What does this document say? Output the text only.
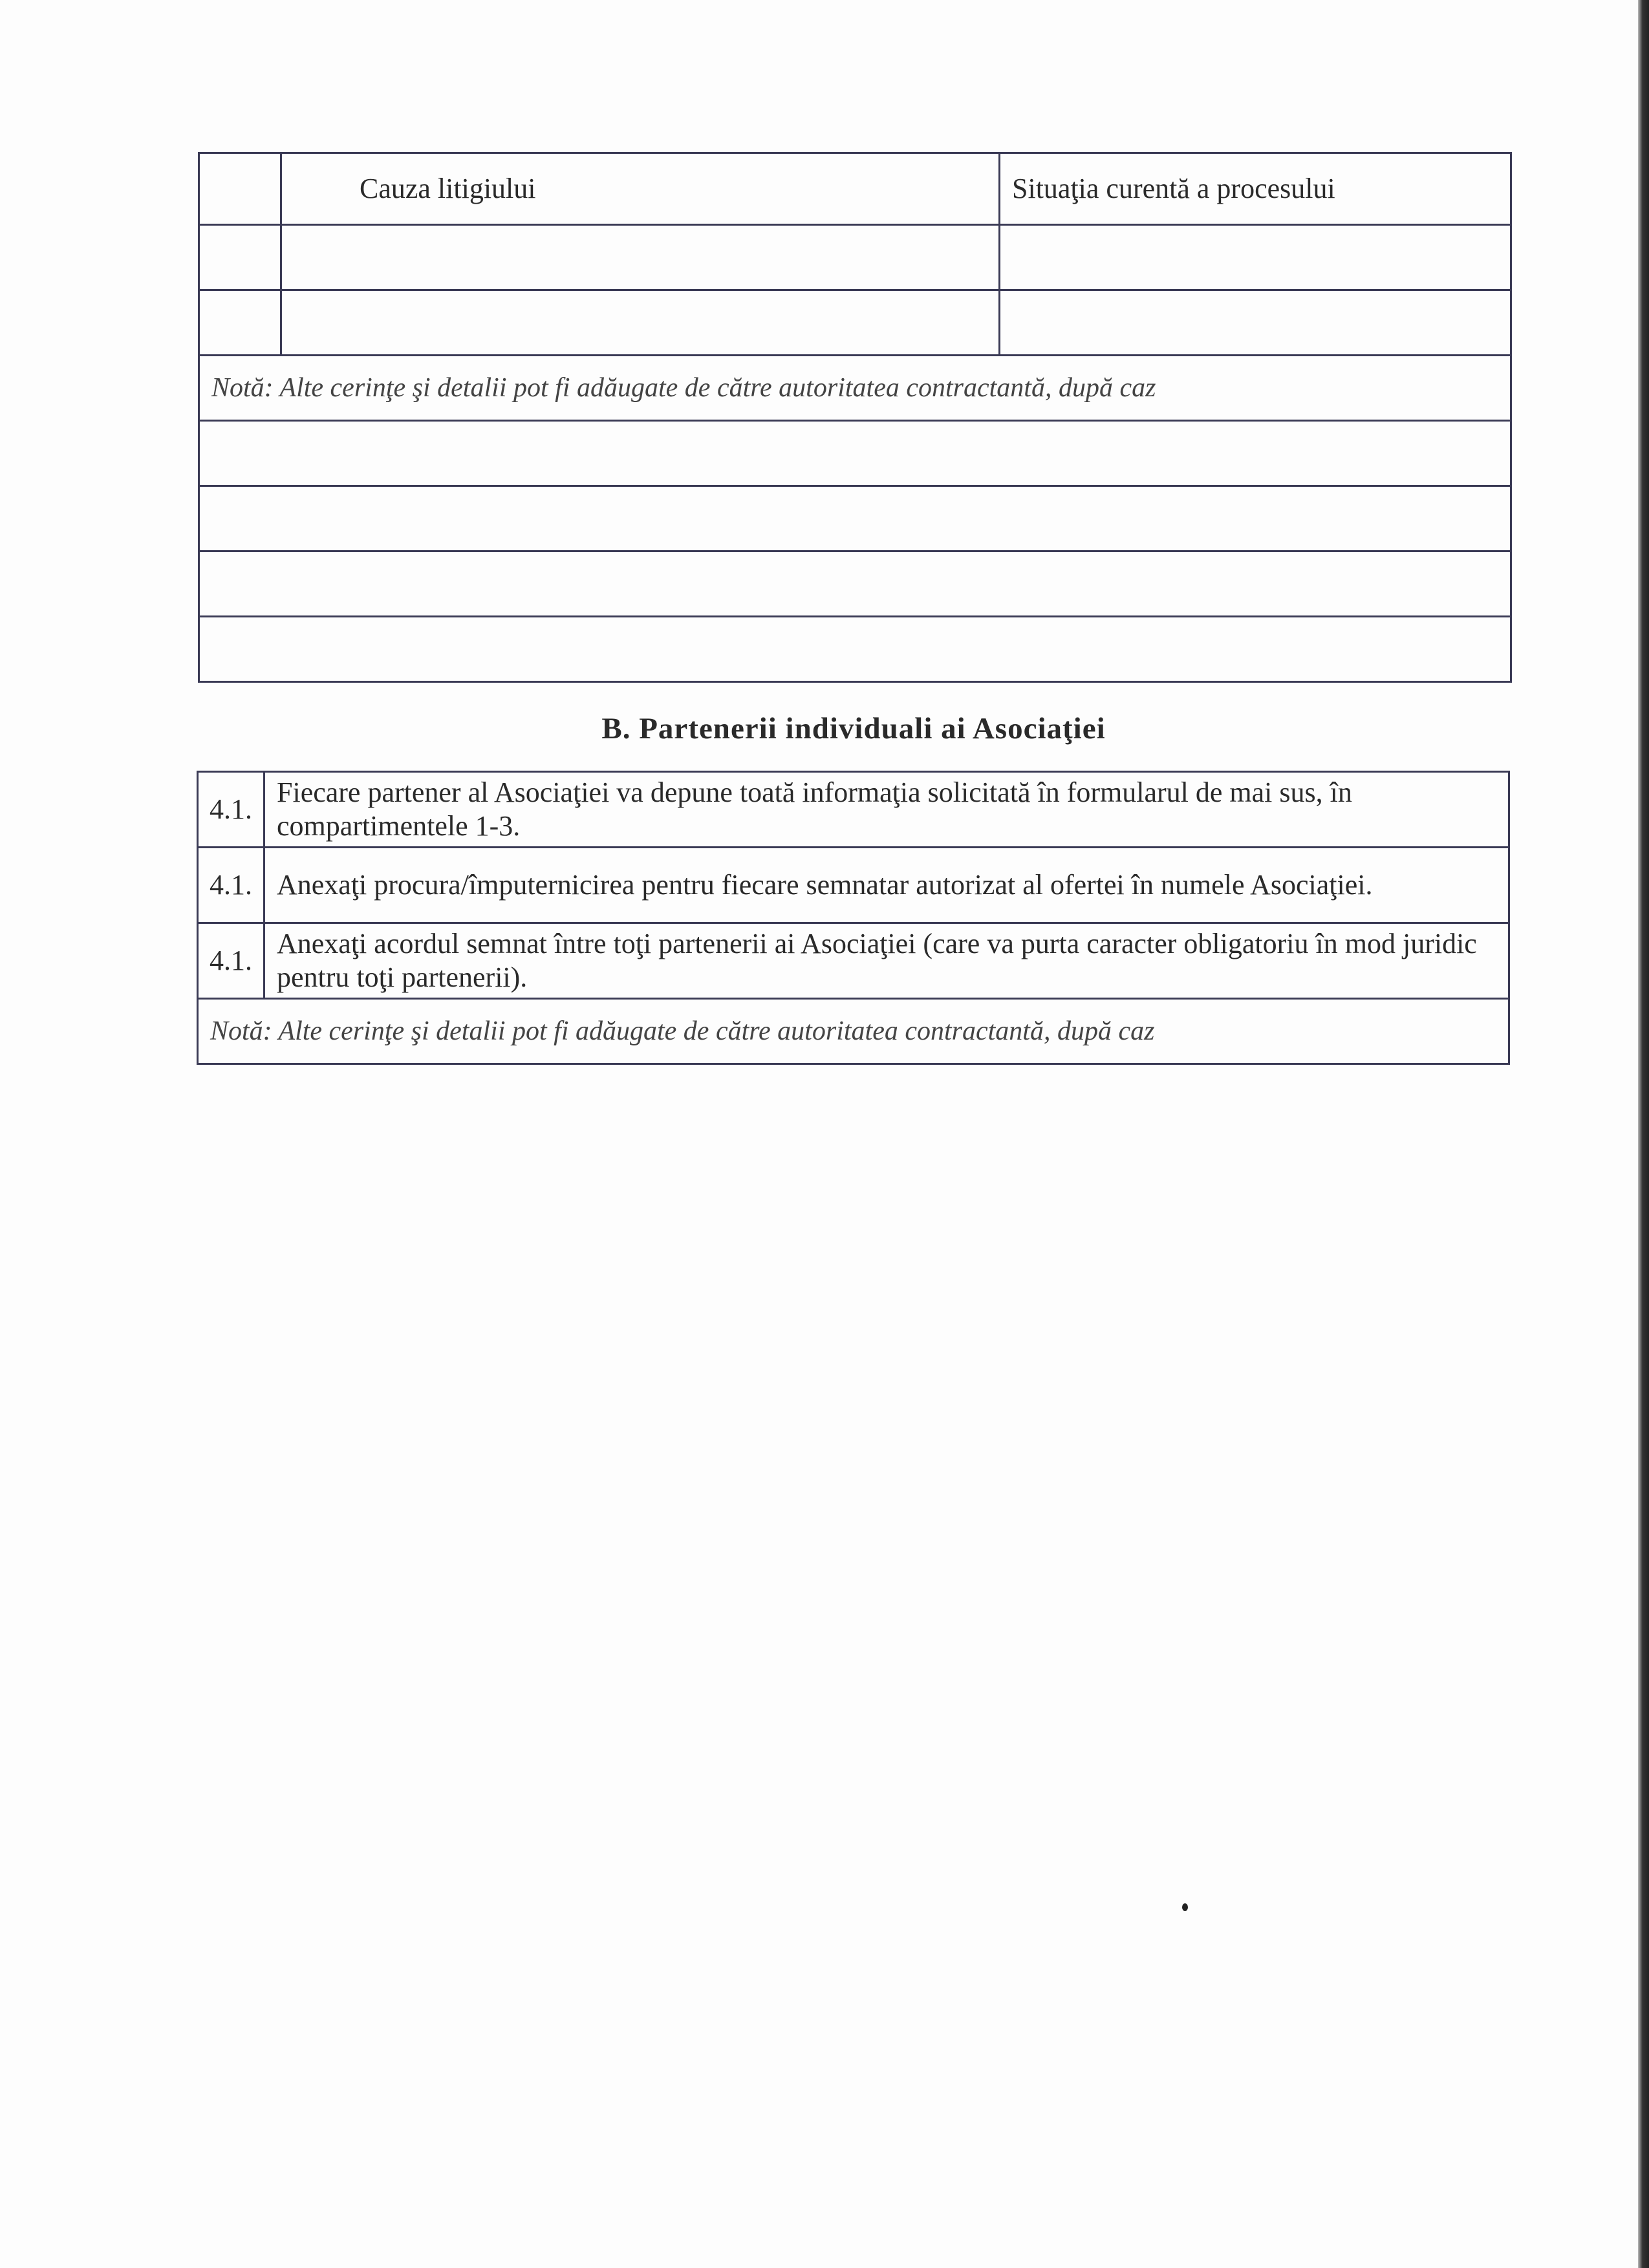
	Cauza litigiului	Situaţia curentă a procesului

Notă: Alte cerinţe şi detalii pot fi adăugate de către autoritatea contractantă, după caz		

B. Partenerii individuali ai Asociaţiei
4.1.	Fiecare partener al Asociaţiei va depune toată informaţia solicitată în formularul de mai sus, în compartimentele 1-3.
4.1.	Anexaţi procura/împuternicirea pentru fiecare semnatar autorizat al ofertei în numele Asociaţiei.
4.1.	Anexaţi acordul semnat între toţi partenerii ai Asociaţiei (care va purta caracter obligatoriu în mod juridic pentru toţi partenerii).
Notă: Alte cerinţe şi detalii pot fi adăugate de către autoritatea contractantă, după caz	
